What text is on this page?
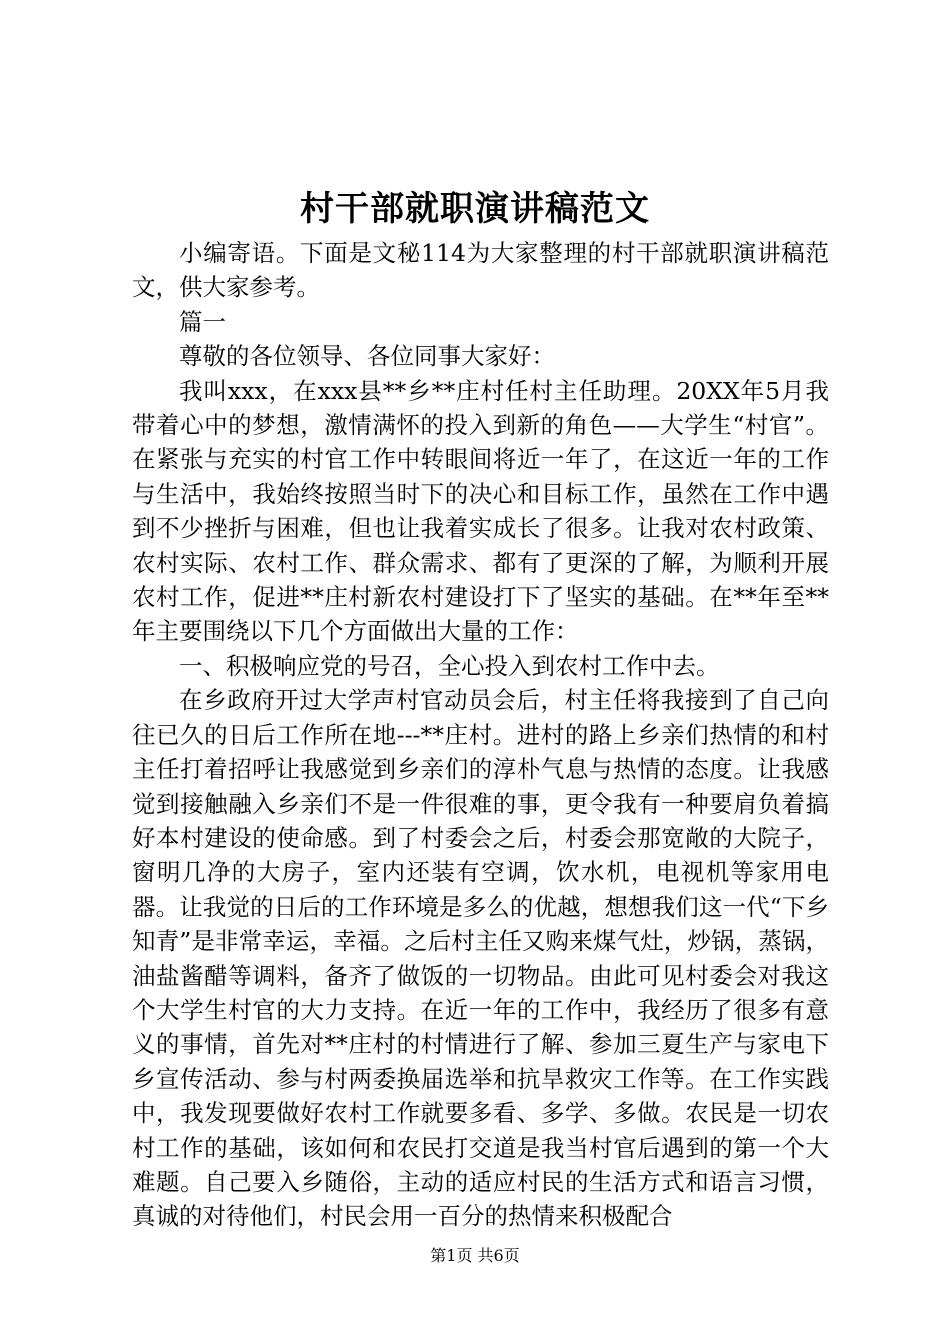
村干部就职演讲稿范文

小编寄语。下面是文秘114为大家整理的村干部就职演讲稿范文，供大家参考。

篇一

尊敬的各位领导、各位同事大家好：

我叫xxx，在xxx县**乡**庄村任村主任助理。20XX年5月我带着心中的梦想，激情满怀的投入到新的角色——大学生“村官”。在紧张与充实的村官工作中转眼间将近一年了，在这近一年的工作与生活中，我始终按照当时下的决心和目标工作，虽然在工作中遇到不少挫折与困难，但也让我着实成长了很多。让我对农村政策、农村实际、农村工作、群众需求、都有了更深的了解，为顺利开展农村工作，促进**庄村新农村建设打下了坚实的基础。在**年至**年主要围绕以下几个方面做出大量的工作：

一、积极响应党的号召，全心投入到农村工作中去。

在乡政府开过大学声村官动员会后，村主任将我接到了自己向往已久的日后工作所在地---**庄村。进村的路上乡亲们热情的和村主任打着招呼让我感觉到乡亲们的淳朴气息与热情的态度。让我感觉到接触融入乡亲们不是一件很难的事，更令我有一种要肩负着搞好本村建设的使命感。到了村委会之后，村委会那宽敞的大院子，窗明几净的大房子，室内还装有空调，饮水机，电视机等家用电器。让我觉的日后的工作环境是多么的优越，想想我们这一代“下乡知青”是非常幸运，幸福。之后村主任又购来煤气灶，炒锅，蒸锅，油盐酱醋等调料，备齐了做饭的一切物品。由此可见村委会对我这个大学生村官的大力支持。在近一年的工作中，我经历了很多有意义的事情，首先对**庄村的村情进行了解、参加三夏生产与家电下乡宣传活动、参与村两委换届选举和抗旱救灾工作等。在工作实践中，我发现要做好农村工作就要多看、多学、多做。农民是一切农村工作的基础，该如何和农民打交道是我当村官后遇到的第一个大难题。自己要入乡随俗，主动的适应村民的生活方式和语言习惯，真诚的对待他们，村民会用一百分的热情来积极配合

第1页 共6页
